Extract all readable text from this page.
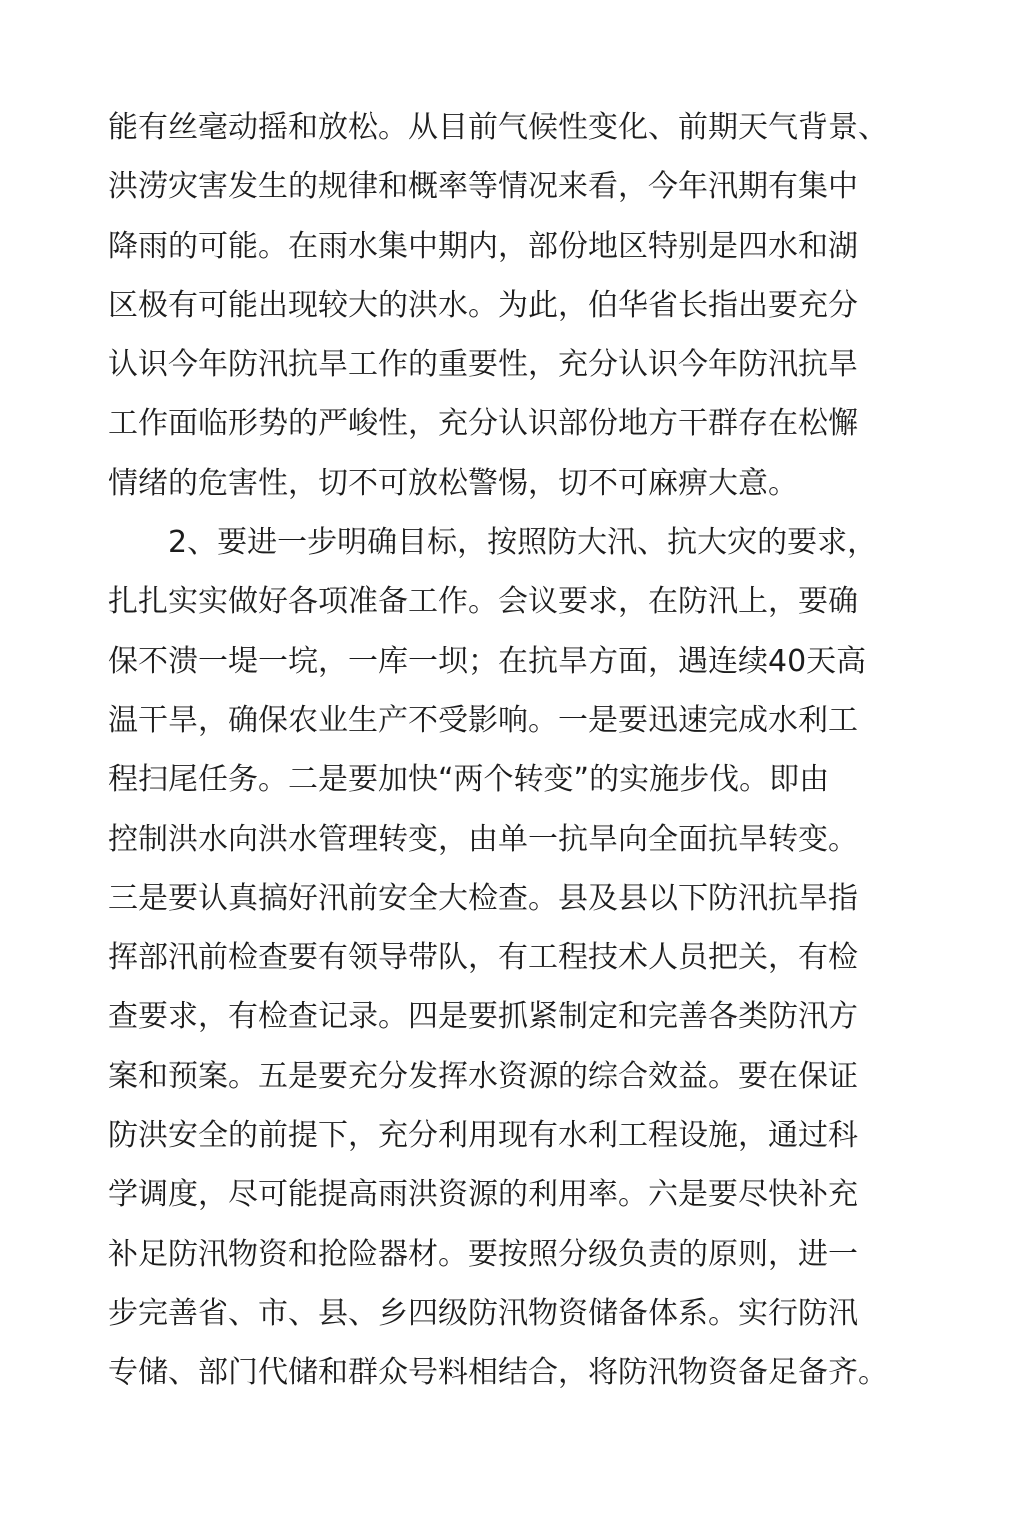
能有丝毫动摇和放松。从目前气候性变化、前期天气背景、
洪涝灾害发生的规律和概率等情况来看，今年汛期有集中
降雨的可能。在雨水集中期内，部份地区特别是四水和湖
区极有可能出现较大的洪水。为此，伯华省长指出要充分
认识今年防汛抗旱工作的重要性，充分认识今年防汛抗旱
工作面临形势的严峻性，充分认识部份地方干群存在松懈
情绪的危害性，切不可放松警惕，切不可麻痹大意。
2、要进一步明确目标，按照防大汛、抗大灾的要求，
扎扎实实做好各项准备工作。会议要求，在防汛上，要确
保不溃一堤一垸，一库一坝；在抗旱方面，遇连续40天高
温干旱，确保农业生产不受影响。一是要迅速完成水利工
程扫尾任务。二是要加快“两个转变”的实施步伐。即由
控制洪水向洪水管理转变，由单一抗旱向全面抗旱转变。
三是要认真搞好汛前安全大检查。县及县以下防汛抗旱指
挥部汛前检查要有领导带队，有工程技术人员把关，有检
查要求，有检查记录。四是要抓紧制定和完善各类防汛方
案和预案。五是要充分发挥水资源的综合效益。要在保证
防洪安全的前提下，充分利用现有水利工程设施，通过科
学调度，尽可能提高雨洪资源的利用率。六是要尽快补充
补足防汛物资和抢险器材。要按照分级负责的原则，进一
步完善省、市、县、乡四级防汛物资储备体系。实行防汛
专储、部门代储和群众号料相结合，将防汛物资备足备齐。
